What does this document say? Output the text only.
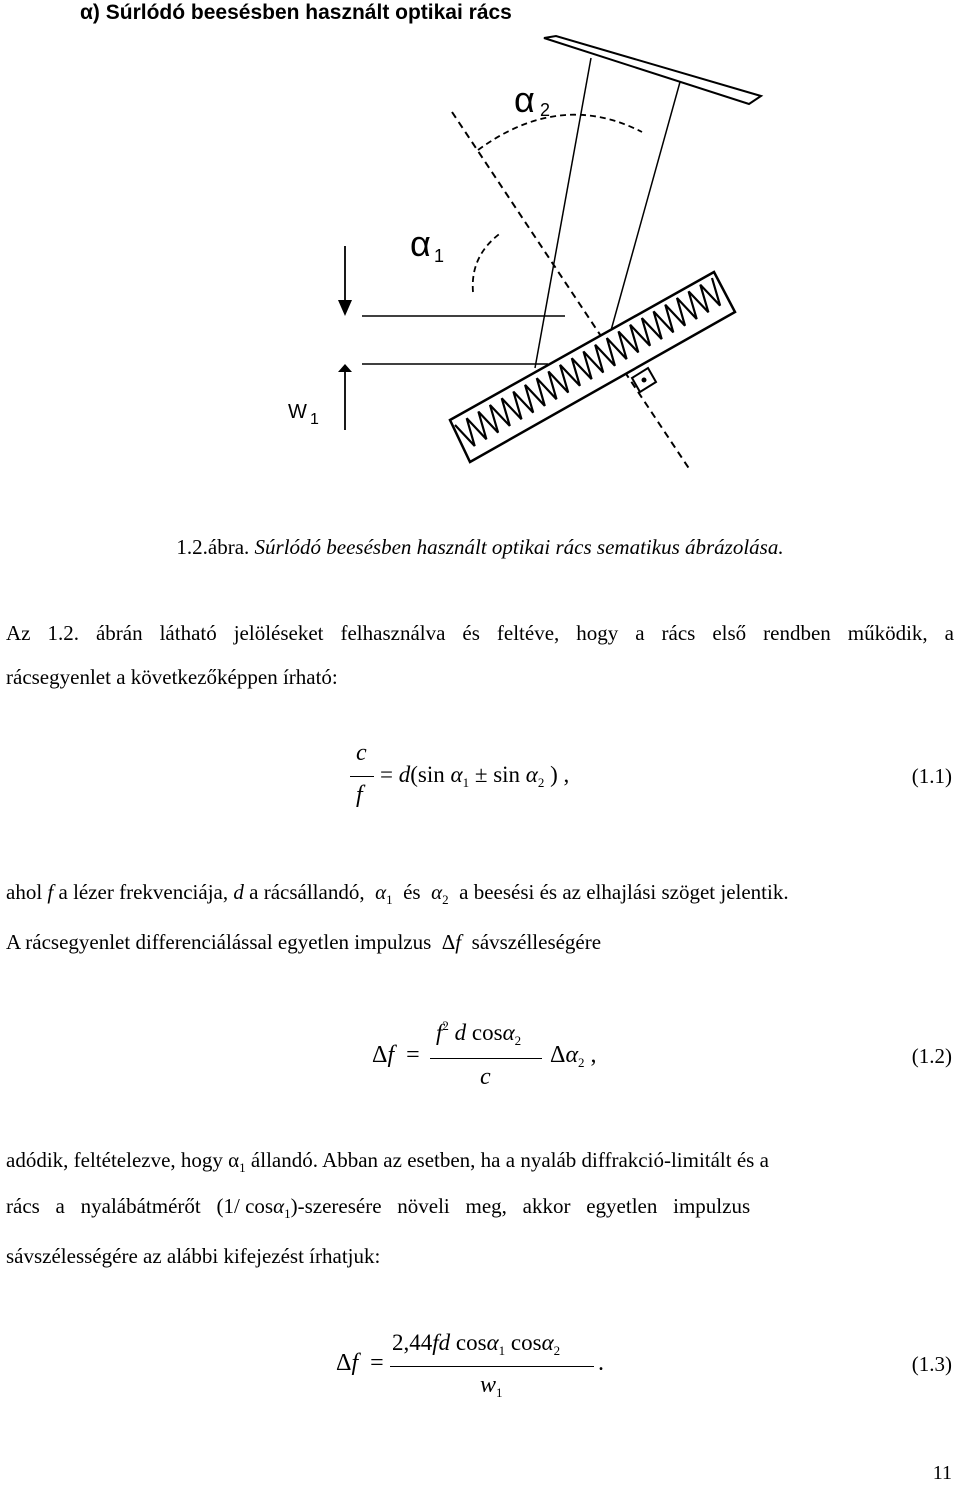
α) Súrlódó beesésben használt optikai rács
α 2
α 1
W 1
1.2.ábra. Súrlódó beesésben használt optikai rács sematikus ábrázolása.
Az 1.2. ábrán látható jelöléseket felhasználva és feltéve, hogy a rács első rendben működik, a
rácsegyenlet a következőképpen írható:
c
f
= d(sin $\alpha_1 \pm \sin \alpha_2$ ) ,	(1.1)
ahol f a lézer frekvenciája, d a rácsállandó, $\alpha_1$ és $\alpha_2$ a beesési és az elhajlási szöget jelentik.
A rácsegyenlet differenciálással egyetlen impulzus Δf sávszélleségére
Δf =
$f^2$ d cosα$_2$
c
$\Delta\alpha_2$ ,	(1.2)
adódik, feltételezve, hogy $\alpha_1$ állandó. Abban az esetben, ha a nyaláb diffrakció-limitált és a
rács   a   nyalábátmérőt   (1/ cosα$_1$)-szeresére   növeli   meg,   akkor   egyetlen   impulzus
sávszélességére az alábbi kifejezést írhatjuk:
Δf =
2,44fd cosα$_1$ cosα$_2$
$w_1$
.	(1.3)
11
